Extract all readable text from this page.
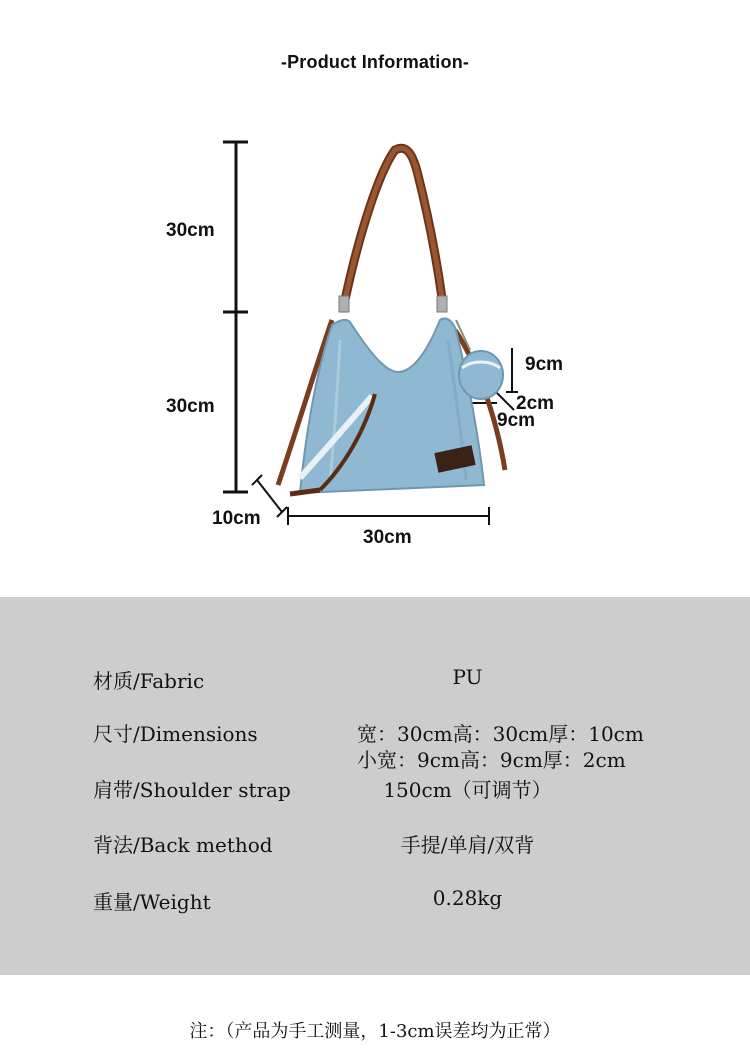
-Product Information-
30cm
30cm
10cm
30cm
9cm
2cm
9cm
材质/Fabric	PU
尺寸/Dimensions	宽：30cm高：30cm厚：10cm
小宽：9cm高：9cm厚：2cm
肩带/Shoulder strap	150cm（可调节）
背法/Back method	手提/单肩/双背
重量/Weight	0.28kg
注：（产品为手工测量，1-3cm误差均为正常）
